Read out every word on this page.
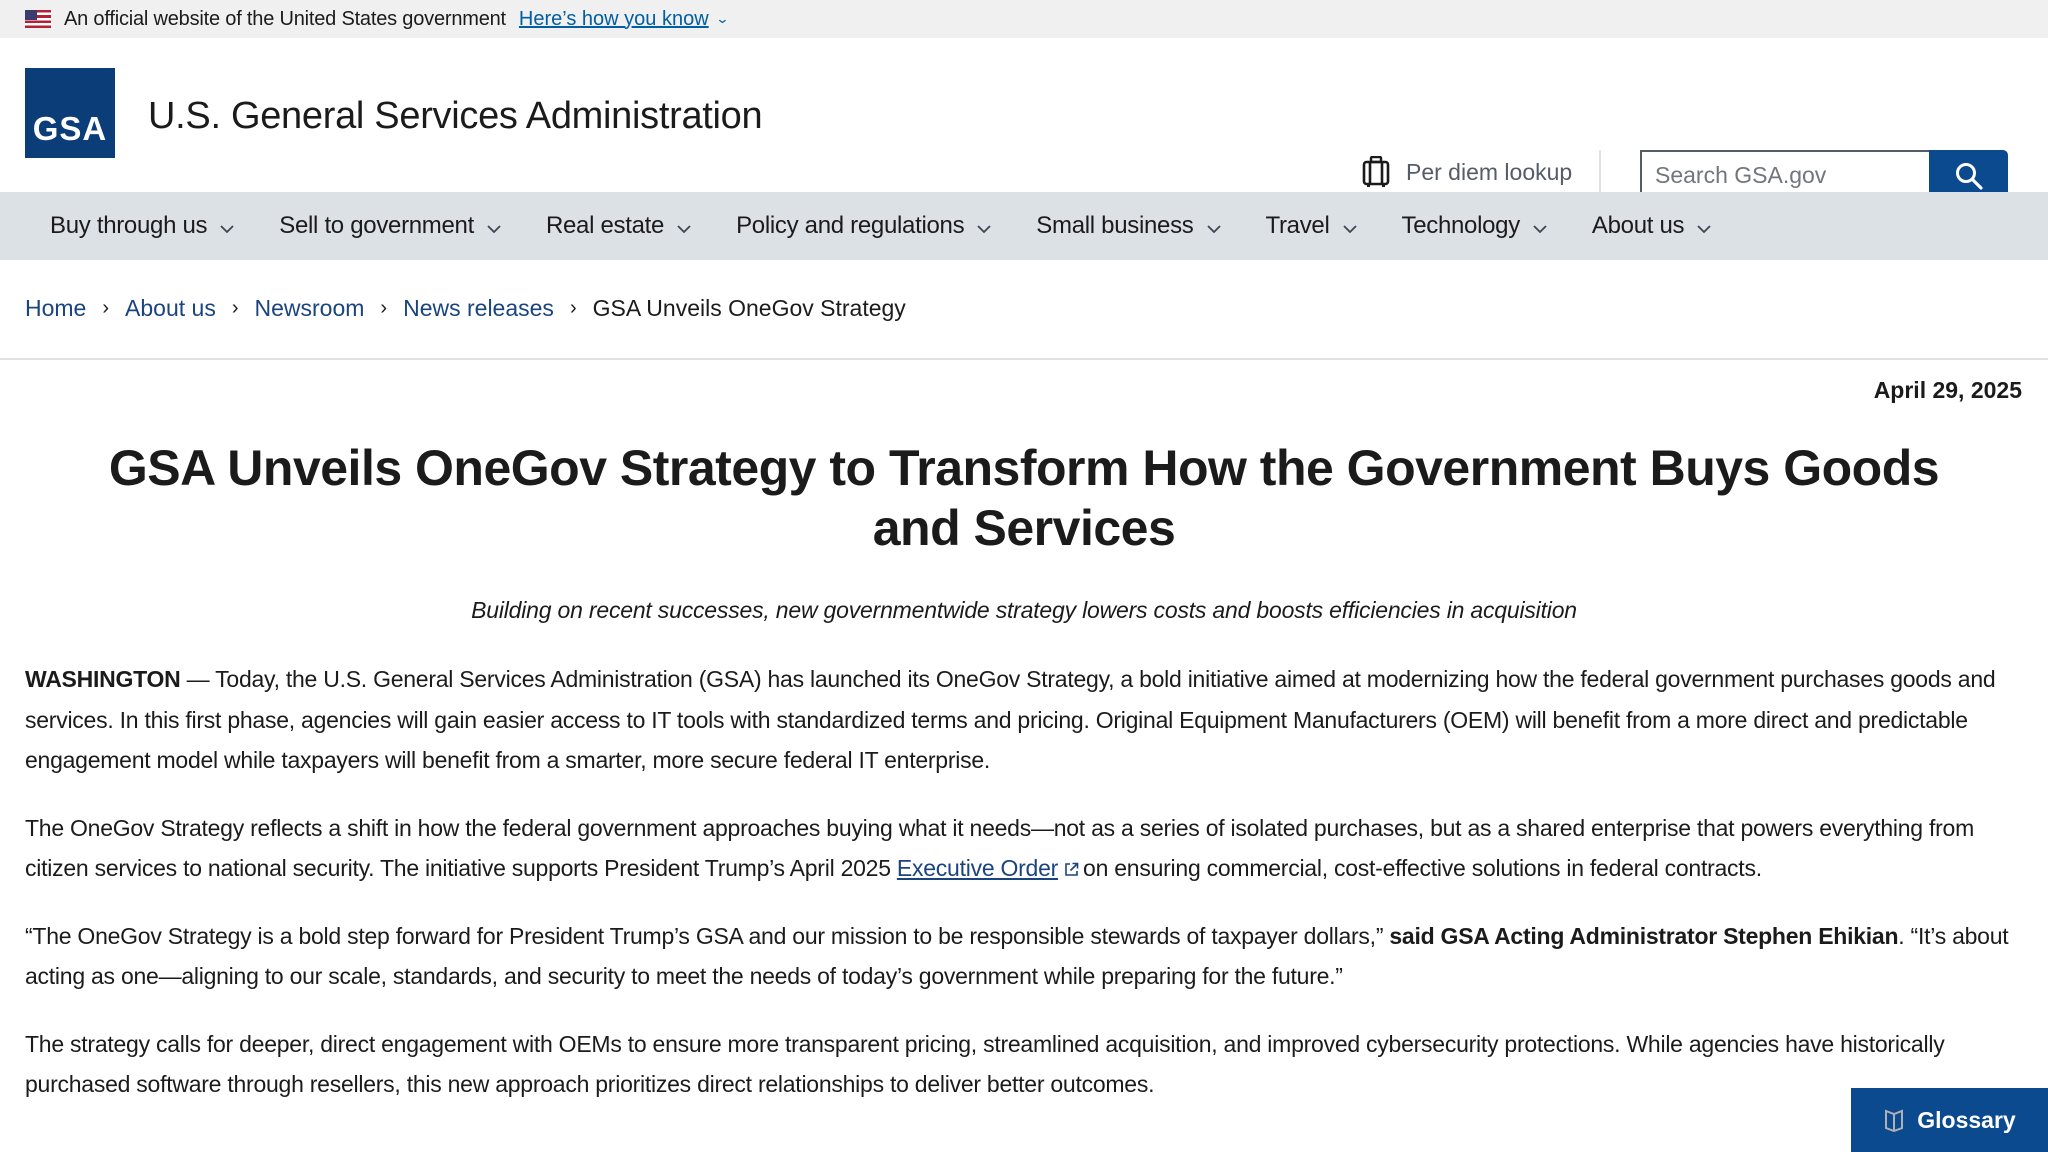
An official website of the United States government Here’s how you know ⌄
GSA U.S. General Services Administration
Per diem lookup
Search GSA.gov
Buy through us	Sell to government	Real estate	Policy and regulations	Small business	Travel	Technology	About us
Home › About us › Newsroom › News releases › GSA Unveils OneGov Strategy
April 29, 2025
GSA Unveils OneGov Strategy to Transform How the Government Buys Goods and Services
Building on recent successes, new governmentwide strategy lowers costs and boosts efficiencies in acquisition

WASHINGTON — Today, the U.S. General Services Administration (GSA) has launched its OneGov Strategy, a bold initiative aimed at modernizing how the federal government purchases goods and services. In this first phase, agencies will gain easier access to IT tools with standardized terms and pricing. Original Equipment Manufacturers (OEM) will benefit from a more direct and predictable engagement model while taxpayers will benefit from a smarter, more secure federal IT enterprise.

The OneGov Strategy reflects a shift in how the federal government approaches buying what it needs—not as a series of isolated purchases, but as a shared enterprise that powers everything from citizen services to national security. The initiative supports President Trump’s April 2025 Executive Order on ensuring commercial, cost-effective solutions in federal contracts.

“The OneGov Strategy is a bold step forward for President Trump’s GSA and our mission to be responsible stewards of taxpayer dollars,” said GSA Acting Administrator Stephen Ehikian. “It’s about acting as one—aligning to our scale, standards, and security to meet the needs of today’s government while preparing for the future.”

The strategy calls for deeper, direct engagement with OEMs to ensure more transparent pricing, streamlined acquisition, and improved cybersecurity protections. While agencies have historically purchased software through resellers, this new approach prioritizes direct relationships to deliver better outcomes.

Glossary
